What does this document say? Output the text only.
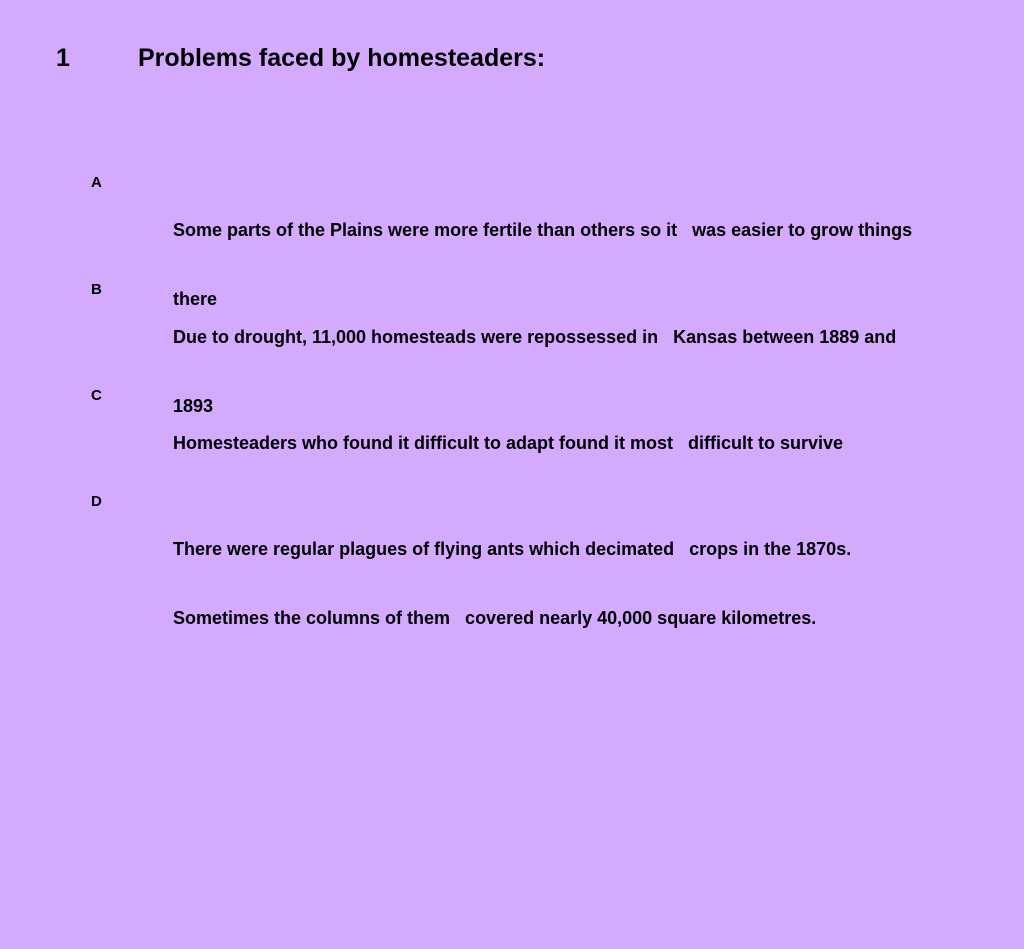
1	Problems faced by homesteaders:
A

Some parts of the Plains were more fertile than others so it   was easier to grow things

there

B

Due to drought, 11,000 homesteads were repossessed in   Kansas between 1889 and

1893

C

Homesteaders who found it difficult to adapt found it most   difficult to survive

D

There were regular plagues of flying ants which decimated   crops in the 1870s.

Sometimes the columns of them   covered nearly 40,000 square kilometres.
